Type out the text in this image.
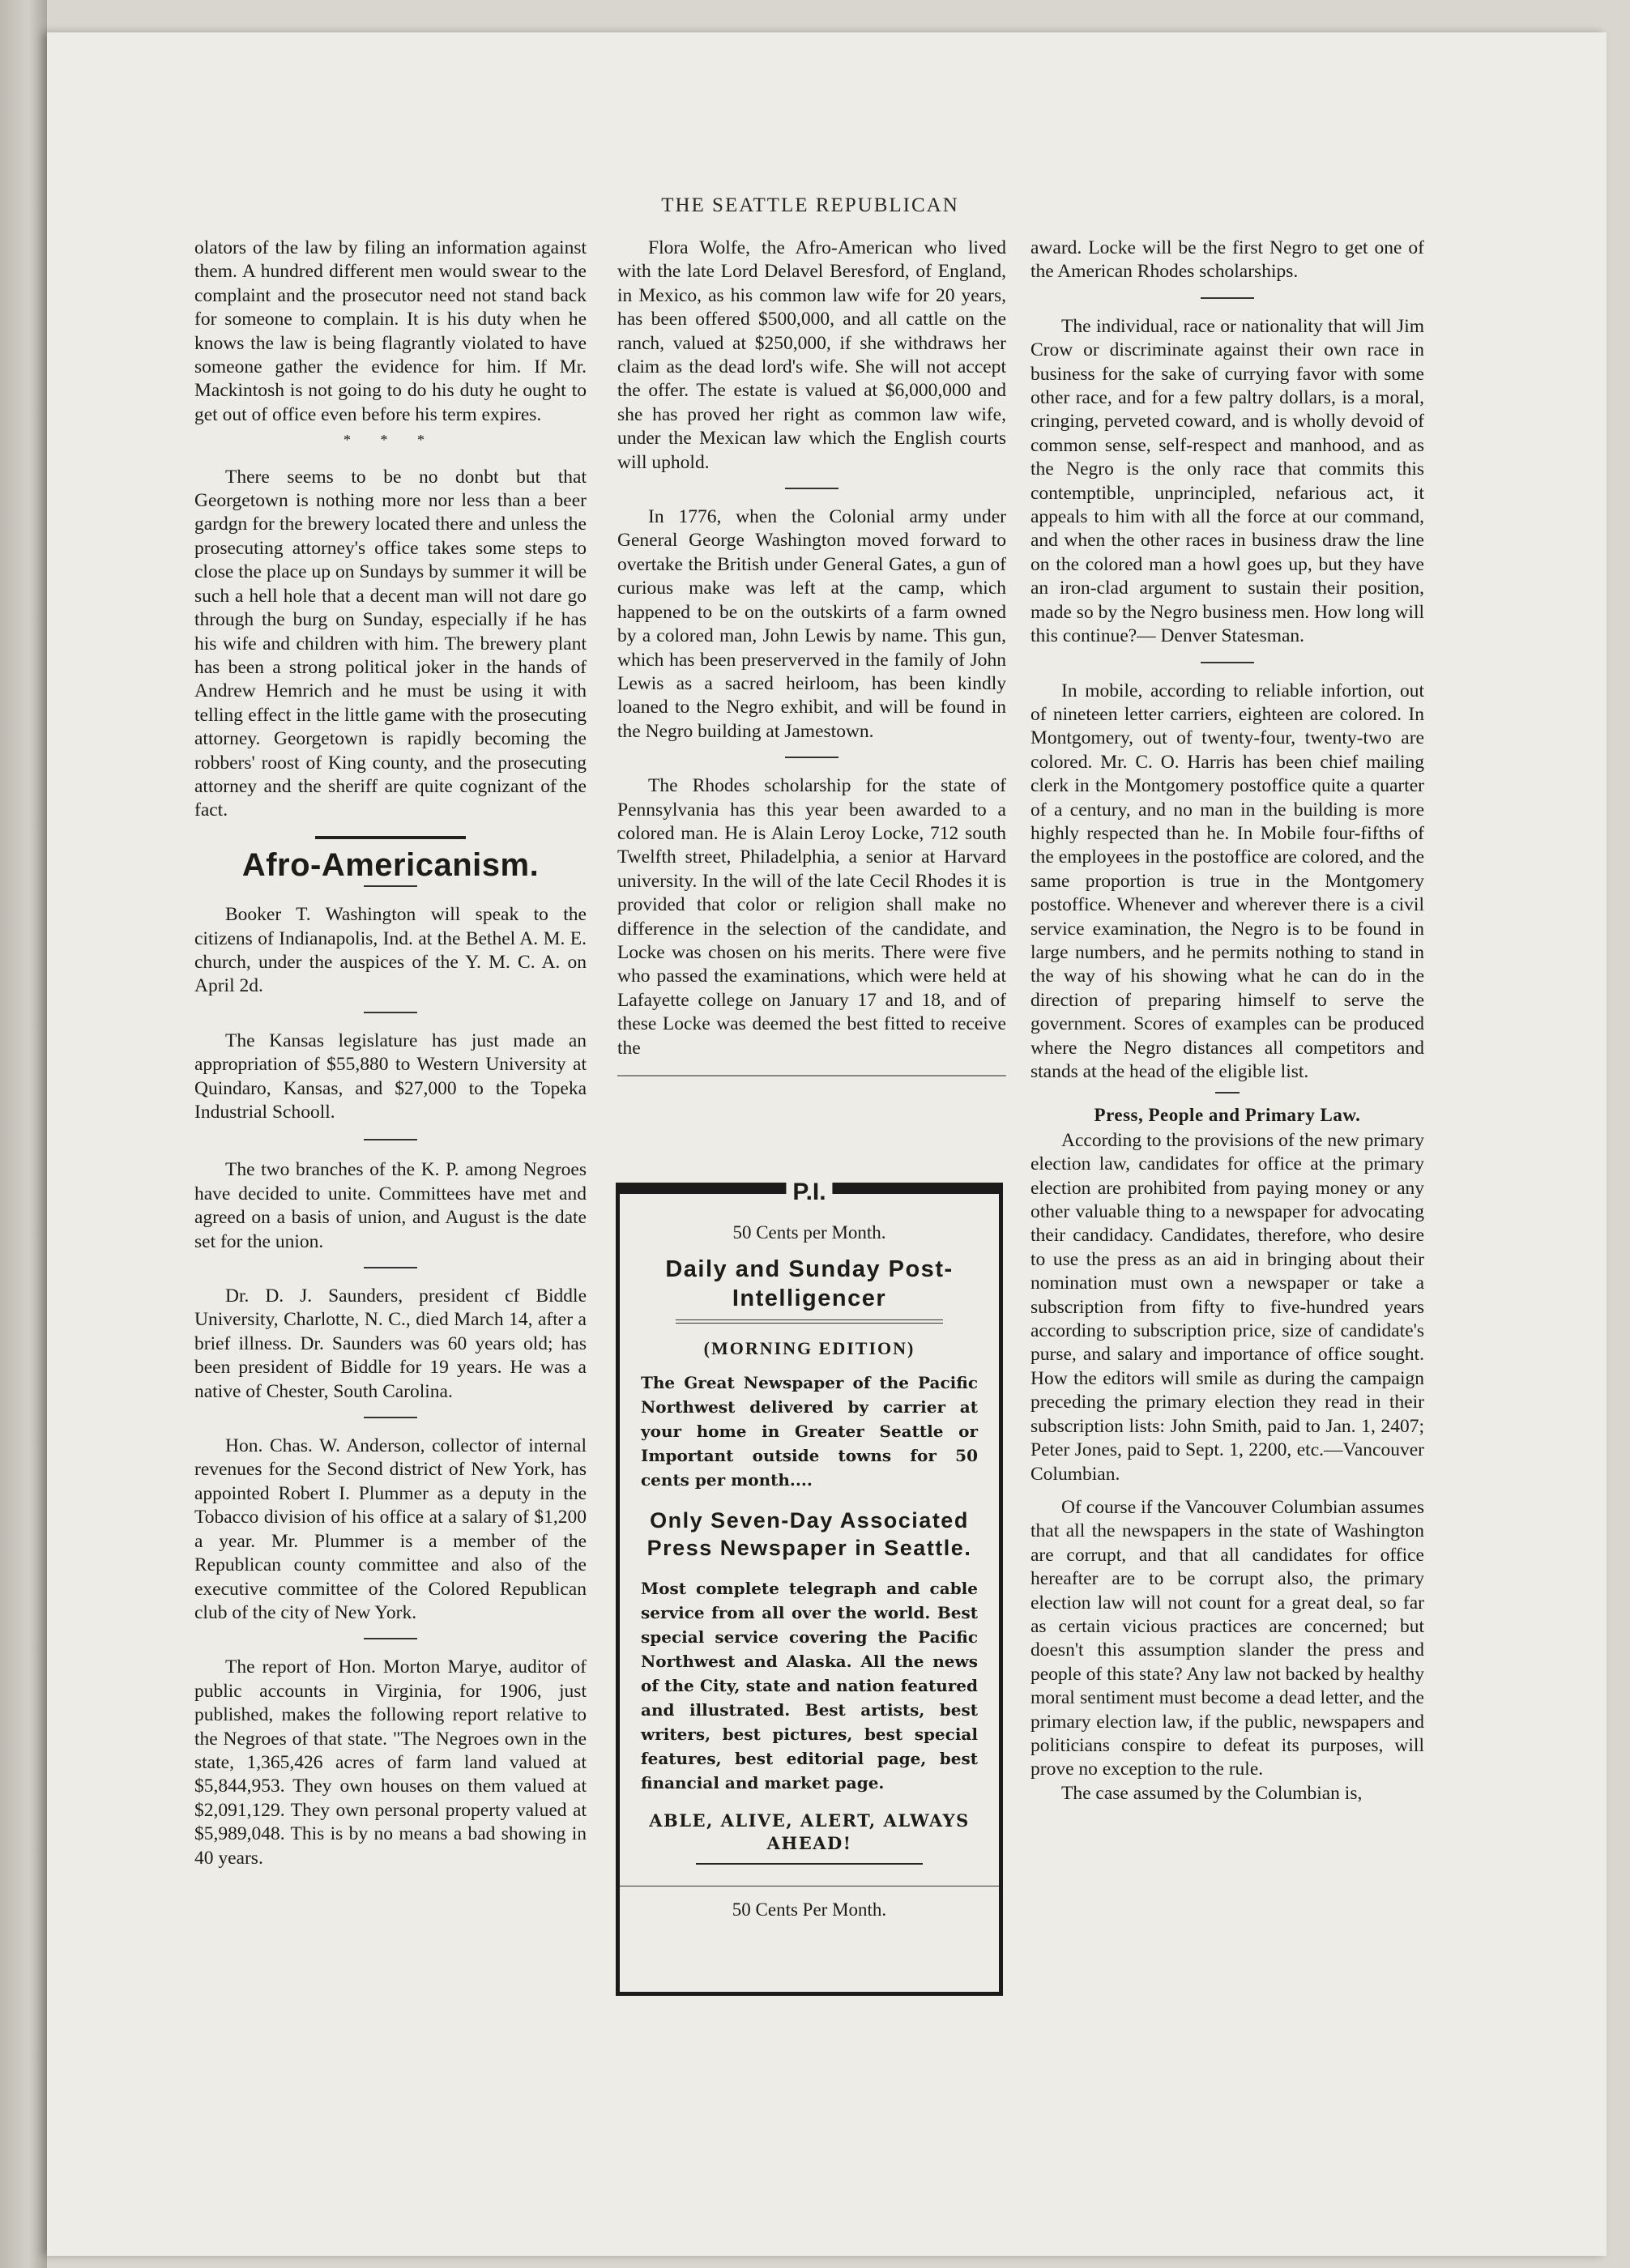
THE SEATTLE REPUBLICAN

olators of the law by filing an information against them. A hundred different men would swear to the complaint and the prosecutor need not stand back for someone to complain. It is his duty when he knows the law is being flagrantly violated to have someone gather the evidence for him. If Mr. Mackintosh is not going to do his duty he ought to get out of office even before his term expires.

* * *

There seems to be no donbt but that Georgetown is nothing more nor less than a beer gardgn for the brewery located there and unless the prosecuting attorney's office takes some steps to close the place up on Sundays by summer it will be such a hell hole that a decent man will not dare go through the burg on Sunday, especially if he has his wife and children with him. The brewery plant has been a strong political joker in the hands of Andrew Hemrich and he must be using it with telling effect in the little game with the prosecuting attorney. Georgetown is rapidly becoming the robbers' roost of King county, and the prosecuting attorney and the sheriff are quite cognizant of the fact.

Afro-Americanism.

Booker T. Washington will speak to the citizens of Indianapolis, Ind. at the Bethel A. M. E. church, under the auspices of the Y. M. C. A. on April 2d.

The Kansas legislature has just made an appropriation of $55,880 to Western University at Quindaro, Kansas, and $27,000 to the Topeka Industrial Schooll.

The two branches of the K. P. among Negroes have decided to unite. Committees have met and agreed on a basis of union, and August is the date set for the union.

Dr. D. J. Saunders, president cf Biddle University, Charlotte, N. C., died March 14, after a brief illness. Dr. Saunders was 60 years old; has been president of Biddle for 19 years. He was a native of Chester, South Carolina.

Hon. Chas. W. Anderson, collector of internal revenues for the Second district of New York, has appointed Robert I. Plummer as a deputy in the Tobacco division of his office at a salary of $1,200 a year. Mr. Plummer is a member of the Republican county committee and also of the executive committee of the Colored Republican club of the city of New York.

The report of Hon. Morton Marye, auditor of public accounts in Virginia, for 1906, just published, makes the following report relative to the Negroes of that state. "The Negroes own in the state, 1,365,426 acres of farm land valued at $5,844,953. They own houses on them valued at $2,091,129. They own personal property valued at $5,989,048. This is by no means a bad showing in 40 years.

Flora Wolfe, the Afro-American who lived with the late Lord Delavel Beresford, of England, in Mexico, as his common law wife for 20 years, has been offered $500,000, and all cattle on the ranch, valued at $250,000, if she withdraws her claim as the dead lord's wife. She will not accept the offer. The estate is valued at $6,000,000 and she has proved her right as common law wife, under the Mexican law which the English courts will uphold.

In 1776, when the Colonial army under General George Washington moved forward to overtake the British under General Gates, a gun of curious make was left at the camp, which happened to be on the outskirts of a farm owned by a colored man, John Lewis by name. This gun, which has been preserverved in the family of John Lewis as a sacred heirloom, has been kindly loaned to the Negro exhibit, and will be found in the Negro building at Jamestown.

The Rhodes scholarship for the state of Pennsylvania has this year been awarded to a colored man. He is Alain Leroy Locke, 712 south Twelfth street, Philadelphia, a senior at Harvard university. In the will of the late Cecil Rhodes it is provided that color or religion shall make no difference in the selection of the candidate, and Locke was chosen on his merits. There were five who passed the examinations, which were held at Lafayette college on January 17 and 18, and of these Locke was deemed the best fitted to receive the

P.I.
50 Cents per Month.
Daily and Sunday Post-Intelligencer
(MORNING EDITION)
The Great Newspaper of the Pacific Northwest delivered by carrier at your home in Greater Seattle or Important outside towns for 50 cents per month....
Only Seven-Day Associated Press Newspaper in Seattle.
Most complete telegraph and cable service from all over the world. Best special service covering the Pacific Northwest and Alaska. All the news of the City, state and nation featured and illustrated. Best artists, best writers, best pictures, best special features, best editorial page, best financial and market page.
ABLE, ALIVE, ALERT, ALWAYS AHEAD!
50 Cents Per Month.

award. Locke will be the first Negro to get one of the American Rhodes scholarships.

The individual, race or nationality that will Jim Crow or discriminate against their own race in business for the sake of currying favor with some other race, and for a few paltry dollars, is a moral, cringing, perveted coward, and is wholly devoid of common sense, self-respect and manhood, and as the Negro is the only race that commits this contemptible, unprincipled, nefarious act, it appeals to him with all the force at our command, and when the other races in business draw the line on the colored man a howl goes up, but they have an iron-clad argument to sustain their position, made so by the Negro business men. How long will this continue?— Denver Statesman.

In mobile, according to reliable infortion, out of nineteen letter carriers, eighteen are colored. In Montgomery, out of twenty-four, twenty-two are colored. Mr. C. O. Harris has been chief mailing clerk in the Montgomery postoffice quite a quarter of a century, and no man in the building is more highly respected than he. In Mobile four-fifths of the employees in the postoffice are colored, and the same proportion is true in the Montgomery postoffice. Whenever and wherever there is a civil service examination, the Negro is to be found in large numbers, and he permits nothing to stand in the way of his showing what he can do in the direction of preparing himself to serve the government. Scores of examples can be produced where the Negro distances all competitors and stands at the head of the eligible list.

Press, People and Primary Law.

According to the provisions of the new primary election law, candidates for office at the primary election are prohibited from paying money or any other valuable thing to a newspaper for advocating their candidacy. Candidates, therefore, who desire to use the press as an aid in bringing about their nomination must own a newspaper or take a subscription from fifty to five-hundred years according to subscription price, size of candidate's purse, and salary and importance of office sought. How the editors will smile as during the campaign preceding the primary election they read in their subscription lists: John Smith, paid to Jan. 1, 2407; Peter Jones, paid to Sept. 1, 2200, etc.—Vancouver Columbian.

Of course if the Vancouver Columbian assumes that all the newspapers in the state of Washington are corrupt, and that all candidates for office hereafter are to be corrupt also, the primary election law will not count for a great deal, so far as certain vicious practices are concerned; but doesn't this assumption slander the press and people of this state? Any law not backed by healthy moral sentiment must become a dead letter, and the primary election law, if the public, newspapers and politicians conspire to defeat its purposes, will prove no exception to the rule.

The case assumed by the Columbian is,
